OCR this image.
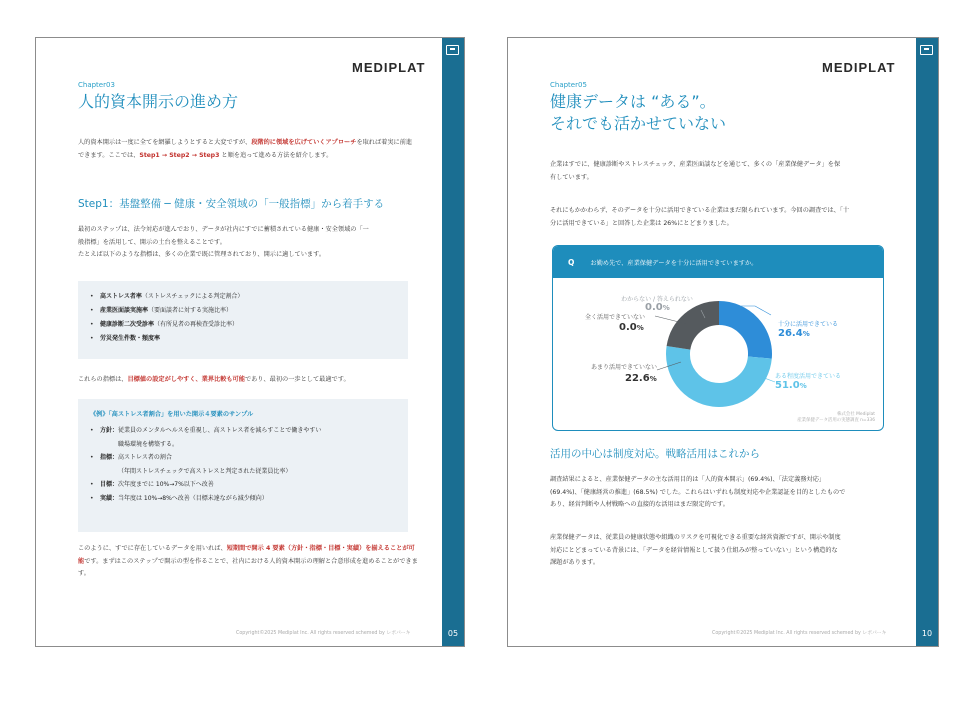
MEDIPLAT
Chapter03
人的資本開示の進め方
人的資本開示は一度に全てを網羅しようとすると大変ですが、段階的に領域を広げていくアプローチを取れば着実に前進できます。ここでは、Step1 → Step2 → Step3 と順を追って進める方法を紹介します。
Step1：基盤整備 ─ 健康・安全領域の「一般指標」から着手する
最初のステップは、法令対応が進んでおり、データが社内にすでに蓄積されている健康・安全領域の「一
般指標」を活用して、開示の土台を整えることです。
たとえば以下のような指標は、多くの企業で既に管理されており、開示に適しています。
• 高ストレス者率（ストレスチェックによる判定割合）
• 産業医面談実施率（要面談者に対する実施比率）
• 健康診断二次受診率（有所見者の再検査受診比率）
• 労災発生件数・頻度率
これらの指標は、目標値の設定がしやすく、業界比較も可能であり、最初の一歩として最適です。
《例》「高ストレス者割合」を用いた開示４要素のサンプル
• 方針：従業員のメンタルヘルスを重視し、高ストレス者を減らすことで働きやすい
職場環境を構築する。
• 指標：高ストレス者の割合
（年間ストレスチェックで高ストレスと判定された従業員比率）
• 目標：次年度までに 10%→7%以下へ改善
• 実績：当年度は 10%→8%へ改善（目標未達ながら減少傾向）
このように、すでに存在しているデータを用いれば、短期間で開示 4 要素（方針・指標・目標・実績）を揃えることが可能です。まずはこのステップで開示の型を作ることで、社内における人的資本開示の理解と合意形成を進めることができます。
Copyright©2025 Mediplat Inc. All rights reserved schemed by レポパーキ	05
MEDIPLAT
Chapter05
健康データは “ある”。
それでも活かせていない
企業はすでに、健康診断やストレスチェック、産業医面談などを通じて、多くの「産業保健データ」を保
有しています。
それにもかかわらず、そのデータを十分に活用できている企業はまだ限られています。今回の調査では、「十
分に活用できている」と回答した企業は 26%にとどまりました。
Q	お勤め先で、産業保健データを十分に活用できていますか。
わからない / 答えられない
0.0%
全く活用できていない
0.0%
あまり活用できていない
22.6%
十分に活用できている
26.4%
ある程度活用できている
51.0%
株式会社 Mediplat
産業保健データ活用の実態調査 n=336
活用の中心は制度対応。戦略活用はこれから
調査結果によると、産業保健データの主な活用目的は「人的資本開示」(69.4%)、「法定義務対応」
(69.4%)、「健康経営の推進」(68.5%) でした。これらはいずれも制度対応や企業認証を目的としたもので
あり、経営判断や人材戦略への直接的な活用はまだ限定的です。
産業保健データは、従業員の健康状態や組織のリスクを可視化できる重要な経営資源ですが、開示や制度
対応にとどまっている背景には、「データを経営情報として扱う仕組みが整っていない」という構造的な
課題があります。
Copyright©2025 Mediplat Inc. All rights reserved schemed by レポパーキ	10
